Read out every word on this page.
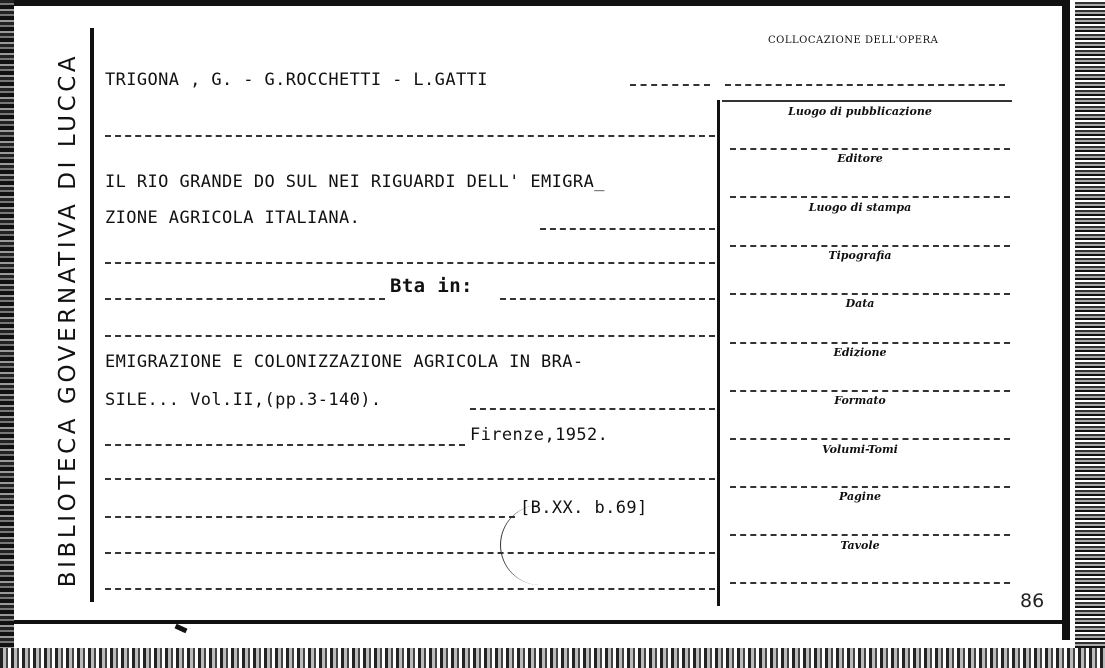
BIBLIOTECA GOVERNATIVA DI LUCCA
COLLOCAZIONE DELL'OPERA
TRIGONA , G. - G.ROCCHETTI - L.GATTI
IL RIO GRANDE DO SUL NEI RIGUARDI DELL' EMIGRA_
ZIONE AGRICOLA ITALIANA.
Bta in:
EMIGRAZIONE E COLONIZZAZIONE AGRICOLA IN BRA-
SILE... Vol.II,(pp.3-140).
Firenze,1952.
[B.XX. b.69]
Luogo di pubblicazione
Editore
Luogo di stampa
Tipografia
Data
Edizione
Formato
Volumi-Tomi
Pagine
Tavole
86
